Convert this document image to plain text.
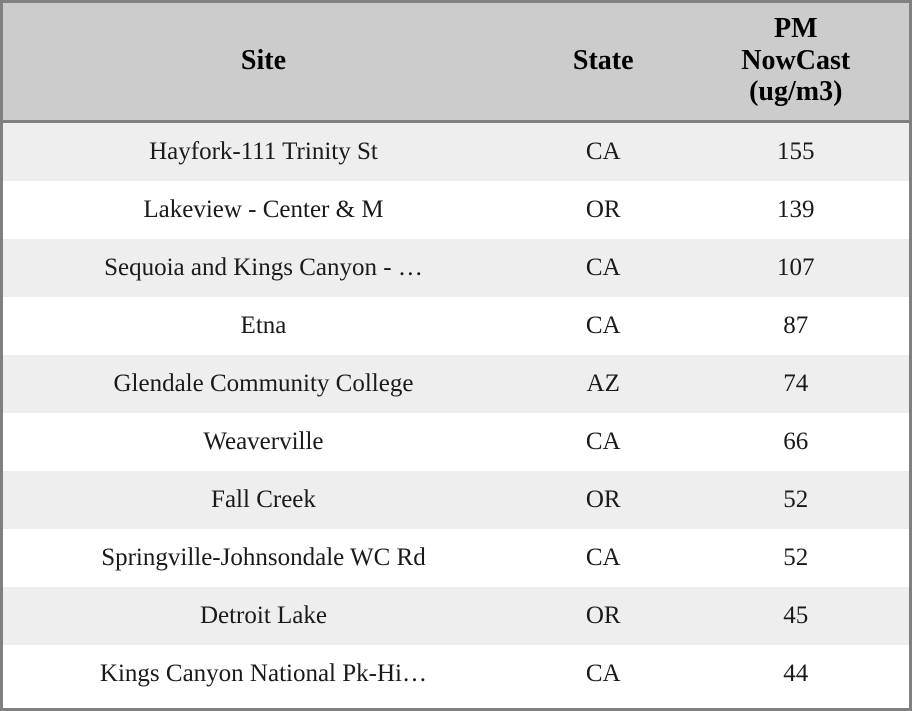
Site	State	PM
NowCast
(ug/m3)

Hayfork-111 Trinity St	CA	155
Lakeview - Center & M	OR	139
Sequoia and Kings Canyon - …	CA	107
Etna	CA	87
Glendale Community College	AZ	74
Weaverville	CA	66
Fall Creek	OR	52
Springville-Johnsondale WC Rd	CA	52
Detroit Lake	OR	45
Kings Canyon National Pk-Hi…	CA	44
